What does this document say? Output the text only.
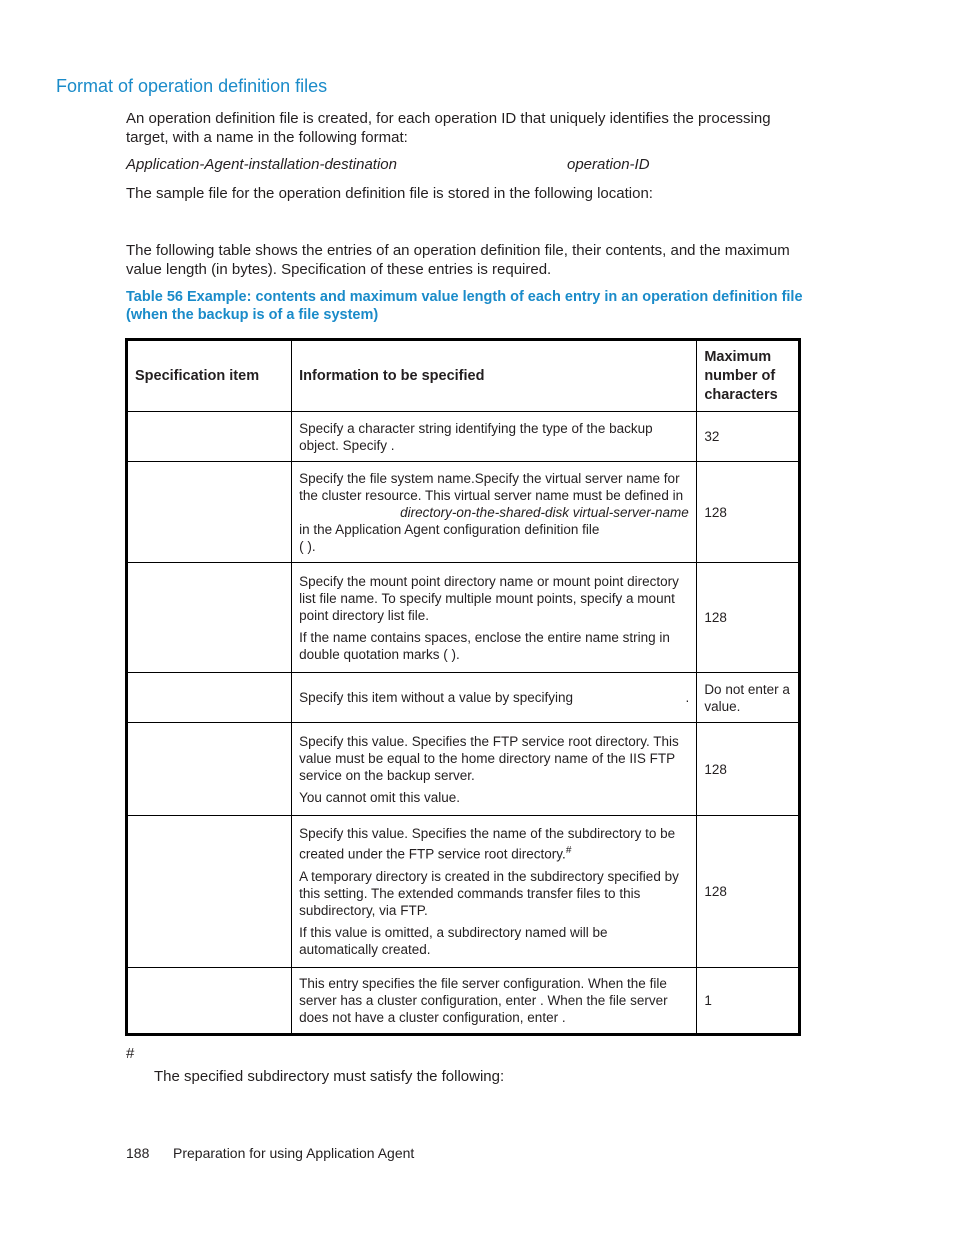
Format of operation definition files
An operation definition file is created, for each operation ID that uniquely identifies the processing target, with a name in the following format:
Application-Agent-installation-destination	operation-ID
The sample file for the operation definition file is stored in the following location:
The following table shows the entries of an operation definition file, their contents, and the maximum value length (in bytes). Specification of these entries is required.
Table 56 Example: contents and maximum value length of each entry in an operation definition file (when the backup is of a file system)
Specification item	Information to be specified	Maximum number of characters

	Specify a character string identifying the type of the backup object. Specify .	32

	Specify the file system name.Specify the virtual server name for the cluster resource. This virtual server name must be defined in
directory-on-the-shared-disk virtual-server-name
in the Application Agent configuration definition file
( ).	128

	Specify the mount point directory name or mount point directory list file name. To specify multiple mount points, specify a mount point directory list file.
If the name contains spaces, enclose the entire name string in double quotation marks ( ).	128

	Specify this item without a value by specifying                              .	Do not enter a value.

	Specify this value. Specifies the FTP service root directory. This value must be equal to the home directory name of the IIS FTP service on the backup server.
You cannot omit this value.	128

	Specify this value. Specifies the name of the subdirectory to be created under the FTP service root directory.#
A temporary directory is created in the subdirectory specified by this setting. The extended commands transfer files to this subdirectory, via FTP.
If this value is omitted, a subdirectory named will be automatically created.	128

	This entry specifies the file server configuration. When the file server has a cluster configuration, enter . When the file server does not have a cluster configuration, enter .	1
#
The specified subdirectory must satisfy the following:
188 Preparation for using Application Agent
